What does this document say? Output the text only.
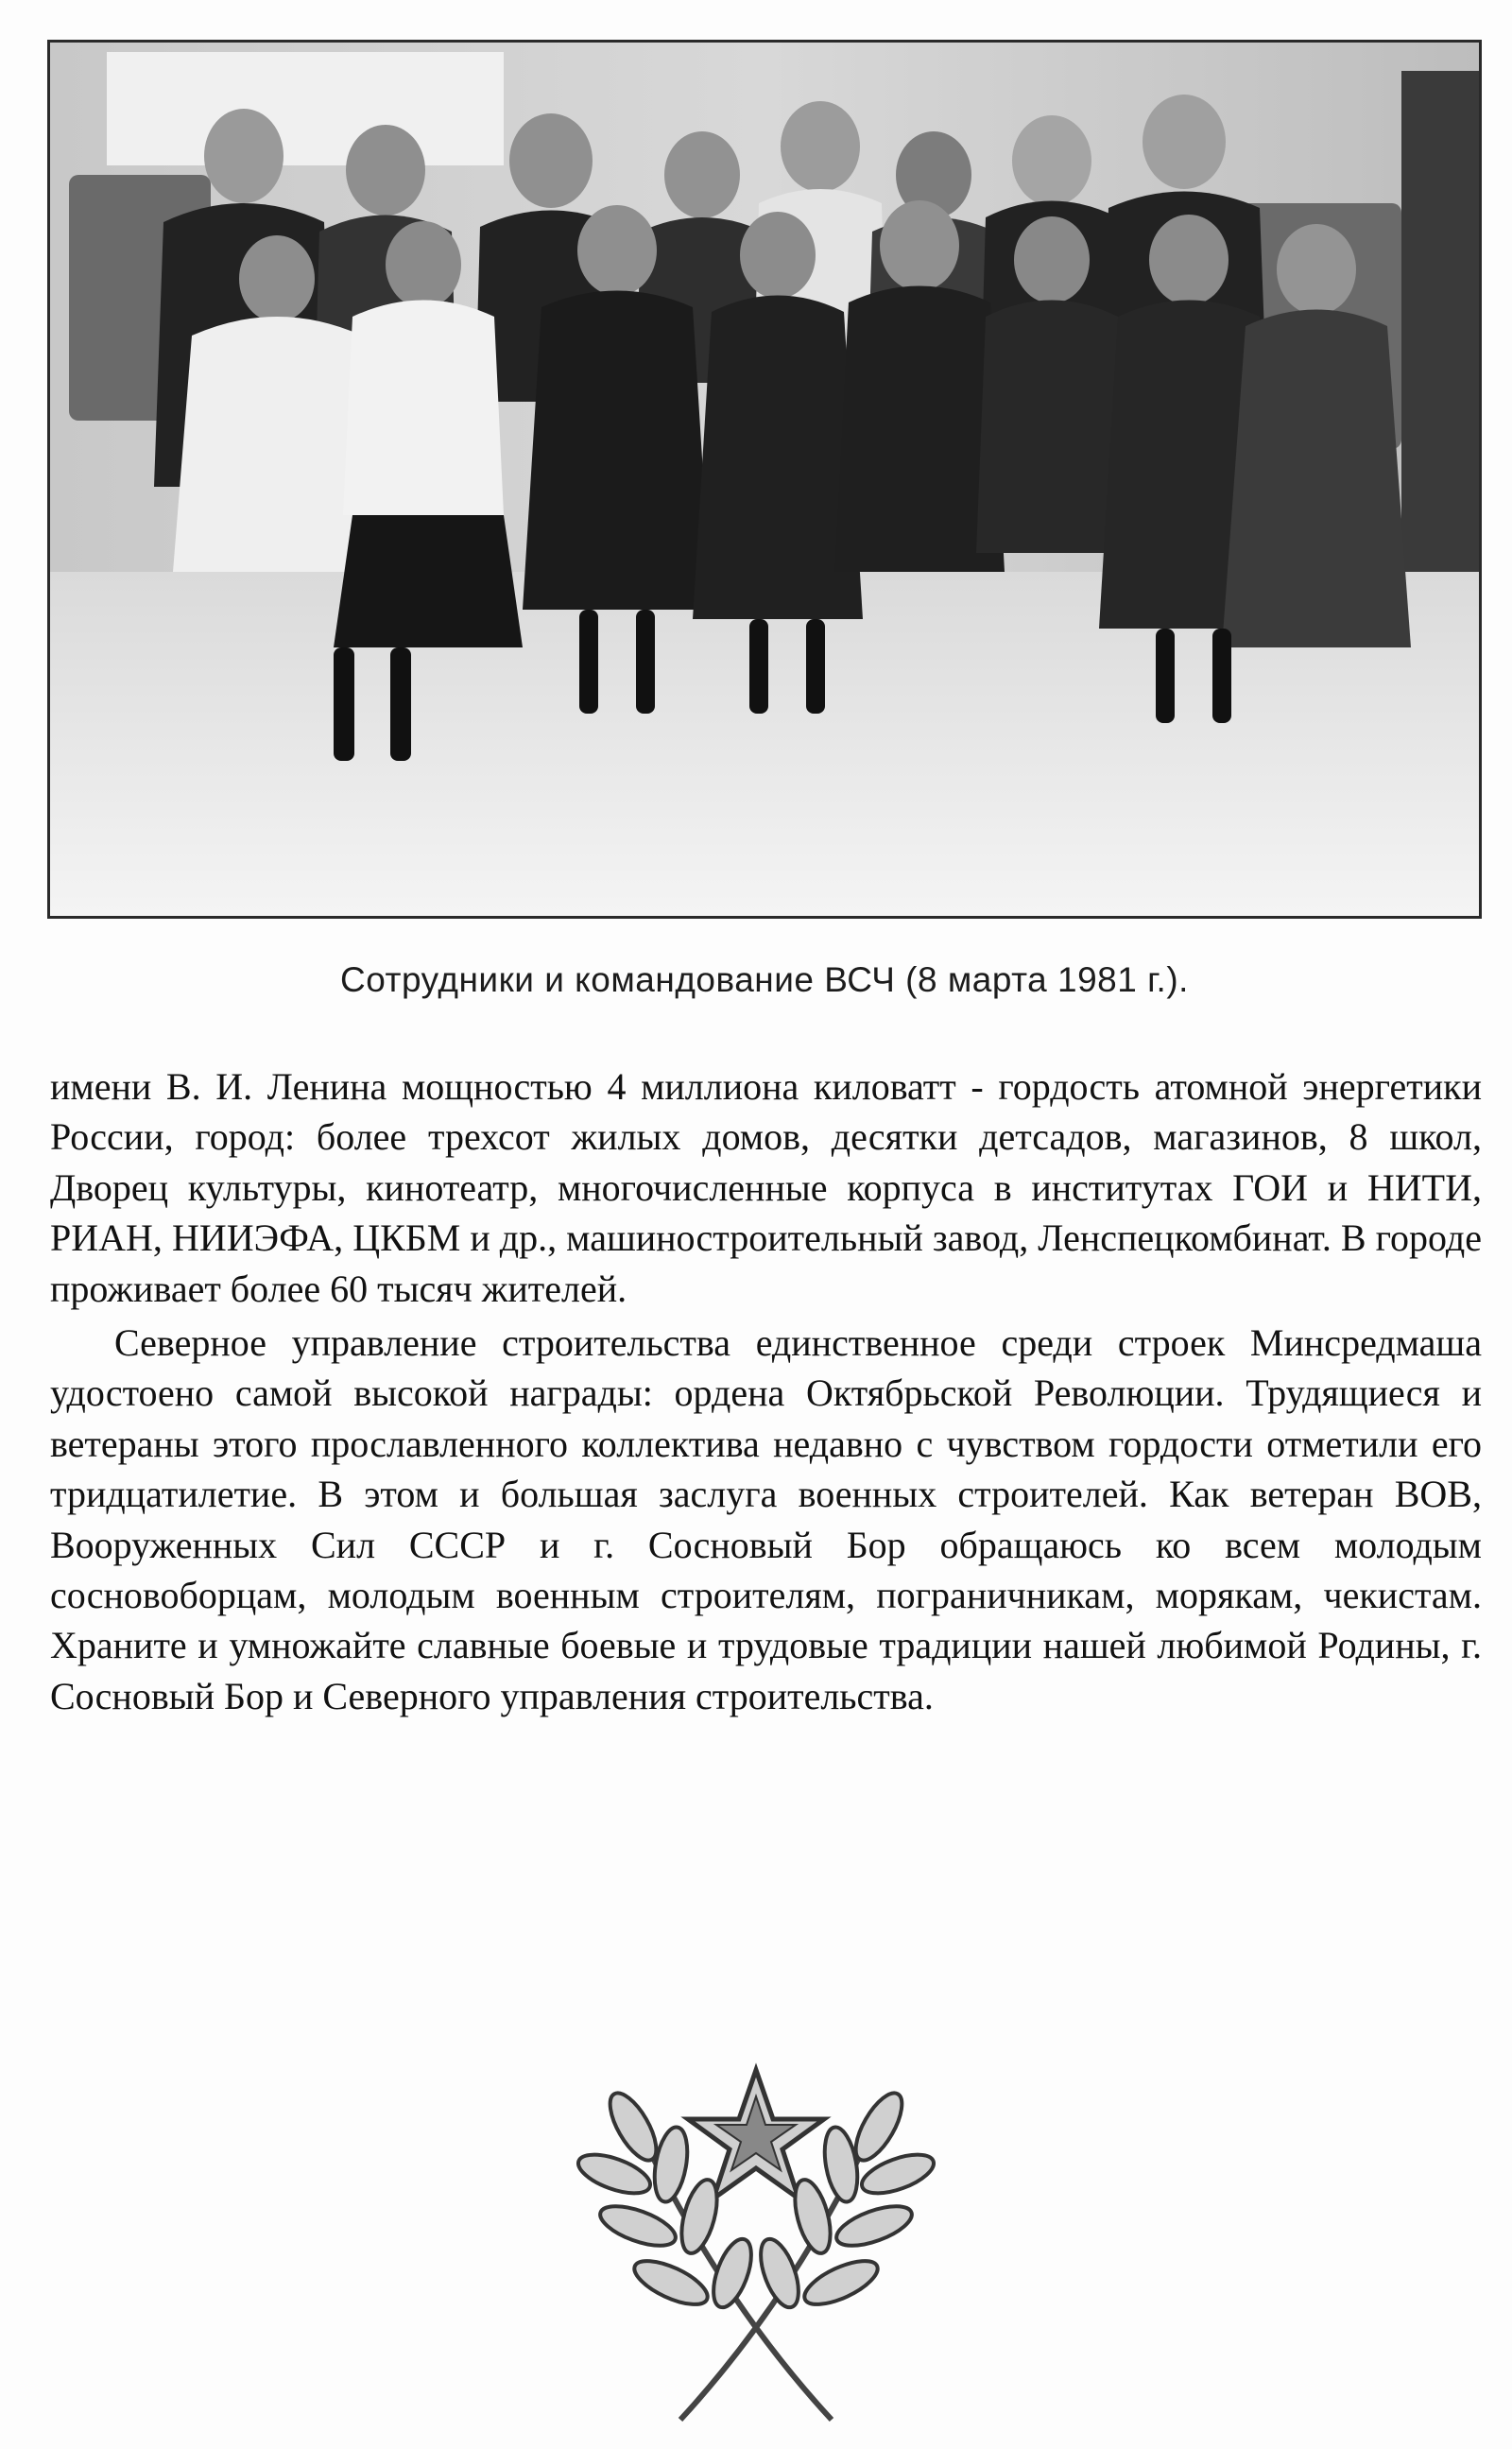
Сотрудники и командование ВСЧ (8 марта 1981 г.).

имени В. И. Ленина мощностью 4 миллиона киловатт - гордость атомной энергетики России, город: более трехсот жилых домов, десятки детсадов, магазинов, 8 школ, Дворец культуры, кинотеатр, многочисленные корпуса в институтах ГОИ и НИТИ, РИАН, НИИЭФА, ЦКБМ и др., машиностроительный завод, Ленспецкомбинат. В городе проживает более 60 тысяч жителей.

Северное управление строительства единственное среди строек Минсредмаша удостоено самой высокой награды: ордена Октябрьской Революции. Трудящиеся и ветераны этого прославленного коллектива недавно с чувством гордости отметили его тридцатилетие. В этом и большая заслуга военных строителей. Как ветеран ВОВ, Вооруженных Сил СССР и г. Сосновый Бор обращаюсь ко всем молодым сосновоборцам, молодым военным строителям, пограничникам, морякам, чекистам. Храните и умножайте славные боевые и трудовые традиции нашей любимой Родины, г. Сосновый Бор и Северного управления строительства.
